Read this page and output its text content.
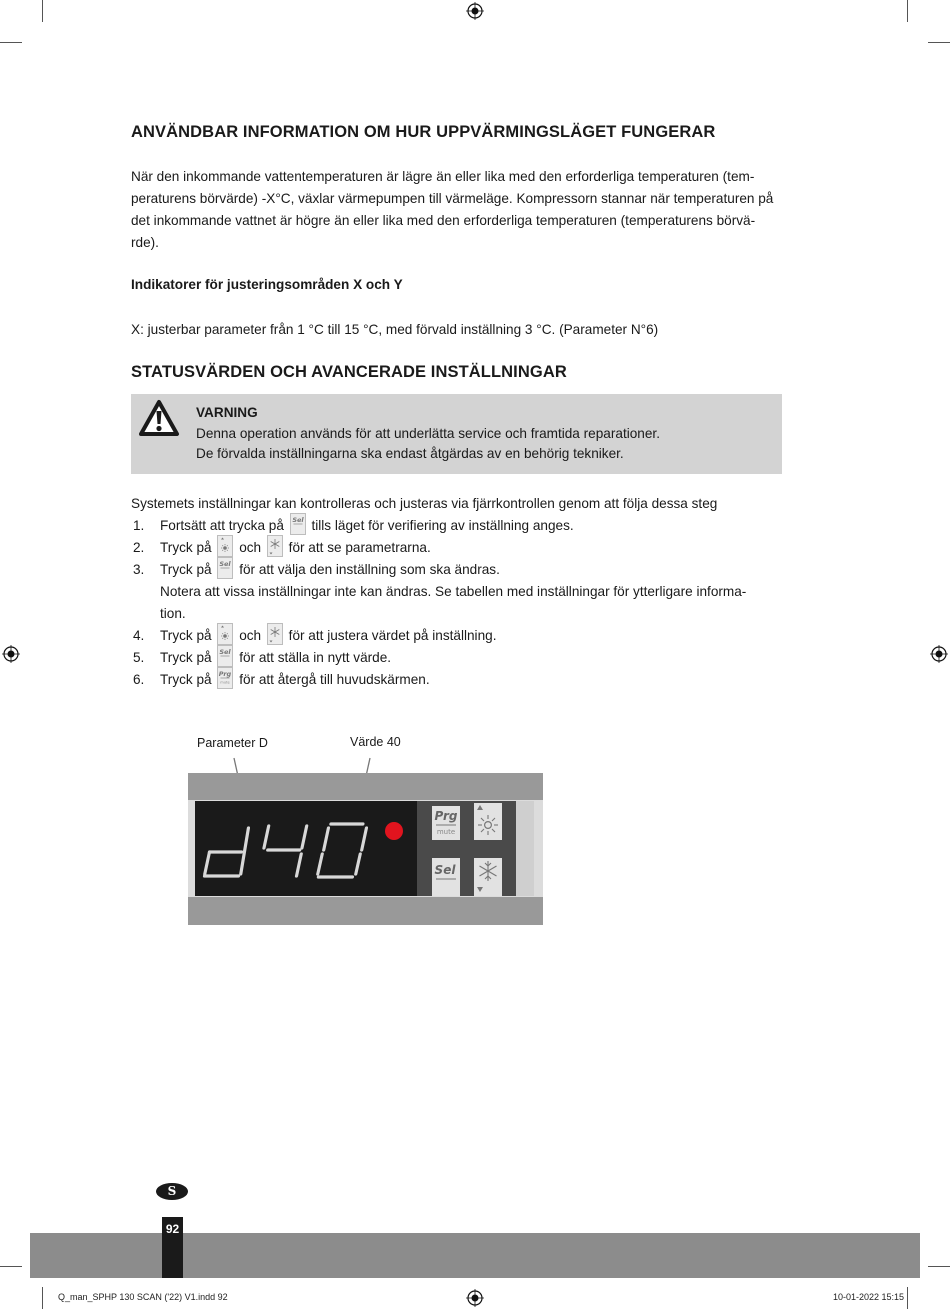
ANVÄNDBAR INFORMATION OM HUR UPPVÄRMINGSLÄGET FUNGERAR

När den inkommande vattentemperaturen är lägre än eller lika med den erforderliga temperaturen (tem-
peraturens börvärde) -X°C, växlar värmepumpen till värmeläge. Kompressorn stannar när temperaturen på
det inkommande vattnet är högre än eller lika med den erforderliga temperaturen (temperaturens börvä-
rde).

Indikatorer för justeringsområden X och Y

X: justerbar parameter från 1 °C till 15 °C, med förvald inställning 3 °C. (Parameter N°6)

STATUSVÄRDEN OCH AVANCERADE INSTÄLLNINGAR
VARNING
Denna operation används för att underlätta service och framtida reparationer.
De förvalda inställningarna ska endast åtgärdas av en behörig tekniker.

Systemets inställningar kan kontrolleras och justeras via fjärrkontrollen genom att följa dessa steg

1. Fortsätt att trycka på Sel tills läget för verifiering av inställning anges.
2. Tryck på och för att se parametrarna.
3. Tryck på Sel för att välja den inställning som ska ändras.
Notera att vissa inställningar inte kan ändras. Se tabellen med inställningar för ytterligare informa-
tion.
4. Tryck på och för att justera värdet på inställning.
5. Tryck på Sel för att ställa in nytt värde.
6. Tryck på Prg
mute för att återgå till huvudskärmen.
Parameter D	Värde 40
Prg
mute
Sel
S
92
Q_man_SPHP 130 SCAN ('22) V1.indd 92	10-01-2022 15:15
